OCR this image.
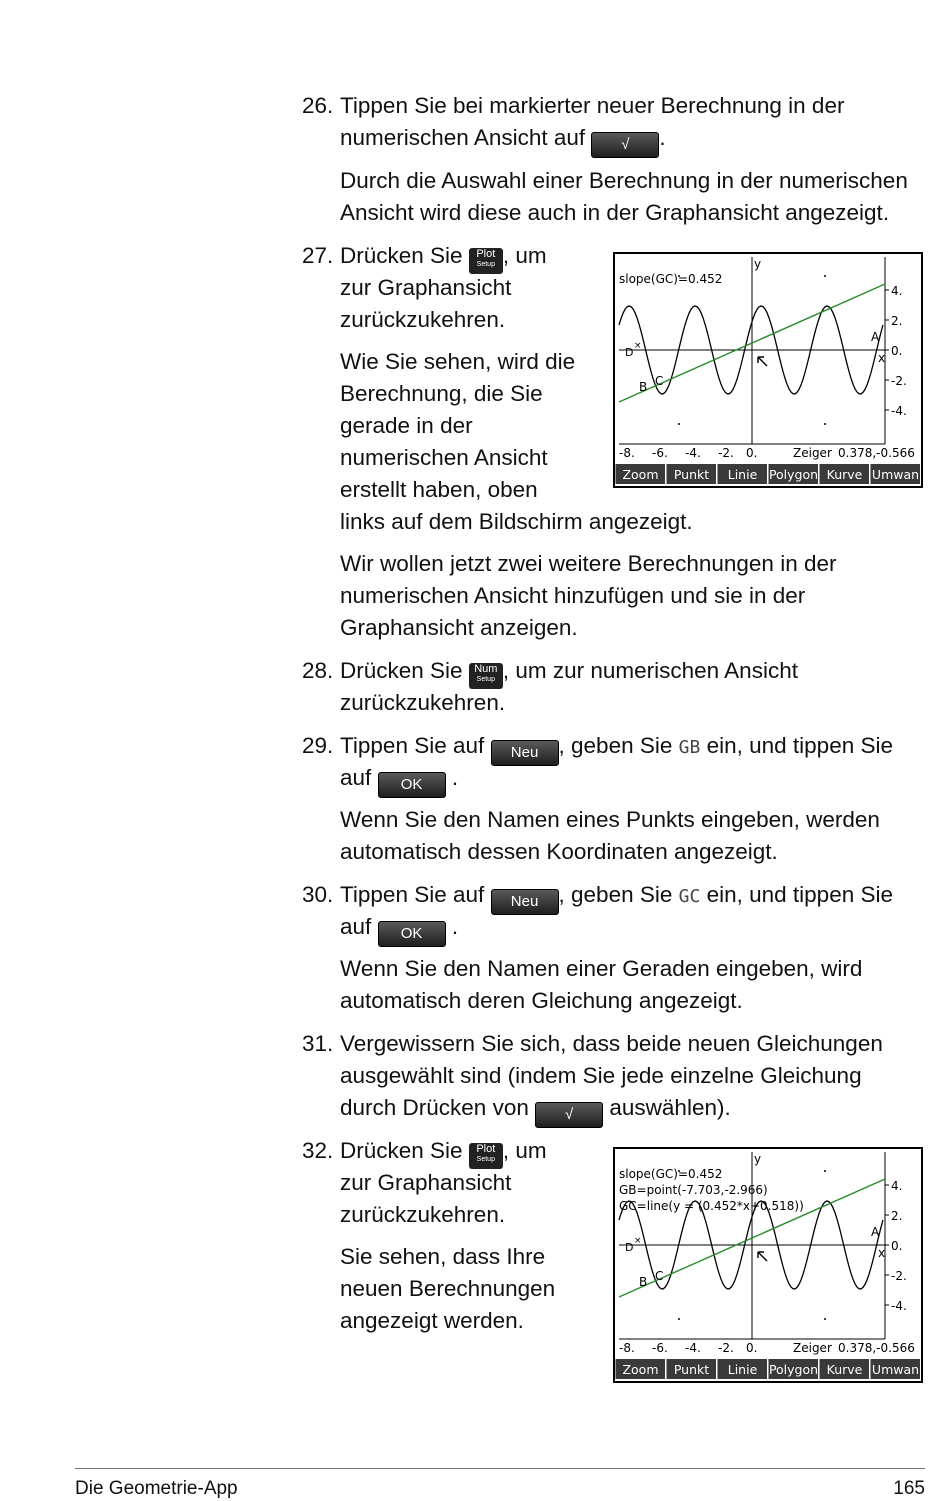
26. Tippen Sie bei markierter neuer Berechnung in der
numerischen Ansicht auf √ .
Durch die Auswahl einer Berechnung in der numerischen
Ansicht wird diese auch in der Graphansicht angezeigt.
27. Drücken Sie Plot
Setup , um
zur Graphansicht
zurückzukehren.
Wie Sie sehen, wird die
Berechnung, die Sie
gerade in der
numerischen Ansicht
erstellt haben, oben
links auf dem Bildschirm angezeigt.
Wir wollen jetzt zwei weitere Berechnungen in der
numerischen Ansicht hinzufügen und sie in der
Graphansicht anzeigen.
y
x
4.
2.
0.
-2.
-4.
-8. -6. -4. -2. 0.	Zeiger 0.378,-0.566
D ×
A
B C
slope(GC)=0.452
Zoom Punkt Linie Polygon Kurve Umwan
28. Drücken Sie Num
Setup , um zur numerischen Ansicht
zurückzukehren.
29. Tippen Sie auf Neu , geben Sie GB ein, und tippen Sie
auf OK .
Wenn Sie den Namen eines Punkts eingeben, werden
automatisch dessen Koordinaten angezeigt.
30. Tippen Sie auf Neu , geben Sie GC ein, und tippen Sie
auf OK .
Wenn Sie den Namen einer Geraden eingeben, wird
automatisch deren Gleichung angezeigt.
31. Vergewissern Sie sich, dass beide neuen Gleichungen
ausgewählt sind (indem Sie jede einzelne Gleichung
durch Drücken von √ auswählen).
32. Drücken Sie Plot
Setup , um
zur Graphansicht
zurückzukehren.
Sie sehen, dass Ihre
neuen Berechnungen
angezeigt werden.
y
x
4.
2.
0.
-2.
-4.
-8. -6. -4. -2. 0.	Zeiger 0.378,-0.566
D ×
A
B C
slope(GC)=0.452
GB=point(-7.703,-2.966)
GC=line(y = (0.452*x+0.518))
Zoom Punkt Linie Polygon Kurve Umwan
Die Geometrie-App	165
